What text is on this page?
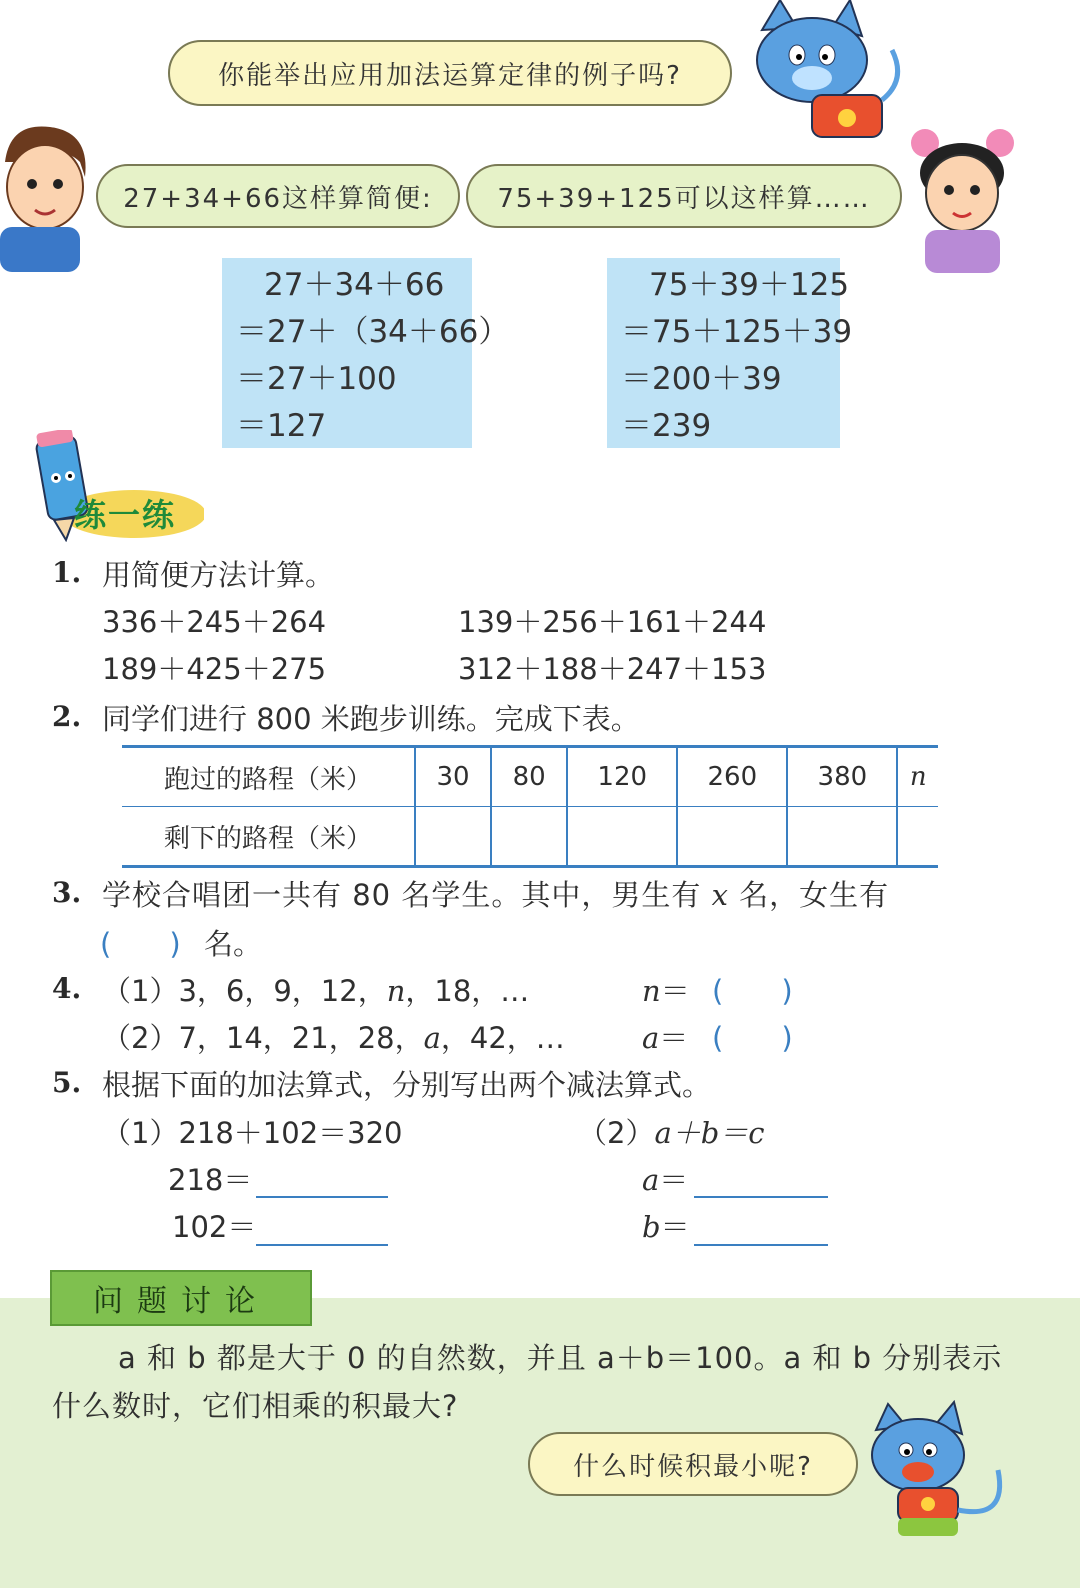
你能举出应用加法运算定律的例子吗?
27+34+66这样算简便:	75+39+125可以这样算……
27＋34＋66
＝27＋（34＋66）
＝27＋100
＝127
75＋39＋125
＝75＋125＋39
＝200＋39
＝239
练一练
1. 用简便方法计算。
336＋245＋264	139＋256＋161＋244
189＋425＋275	312＋188＋247＋153
2. 同学们进行 800 米跑步训练。完成下表。
跑过的路程（米）	30	80	120	260	380	n
剩下的路程（米）						
3. 学校合唱团一共有 80 名学生。其中，男生有 x 名，女生有
(　　) 名。
4. （1）3，6，9，12，n，18，…	n＝ (　　)
（2）7，14，21，28，a，42，…	a＝ (　　)
5. 根据下面的加法算式，分别写出两个减法算式。
（1）218＋102＝320
218＝
102＝
（2）a＋b＝c
a＝
b＝
问题讨论
a 和 b 都是大于 0 的自然数，并且 a＋b＝100。a 和 b 分别表示
什么数时，它们相乘的积最大?
什么时候积最小呢?
